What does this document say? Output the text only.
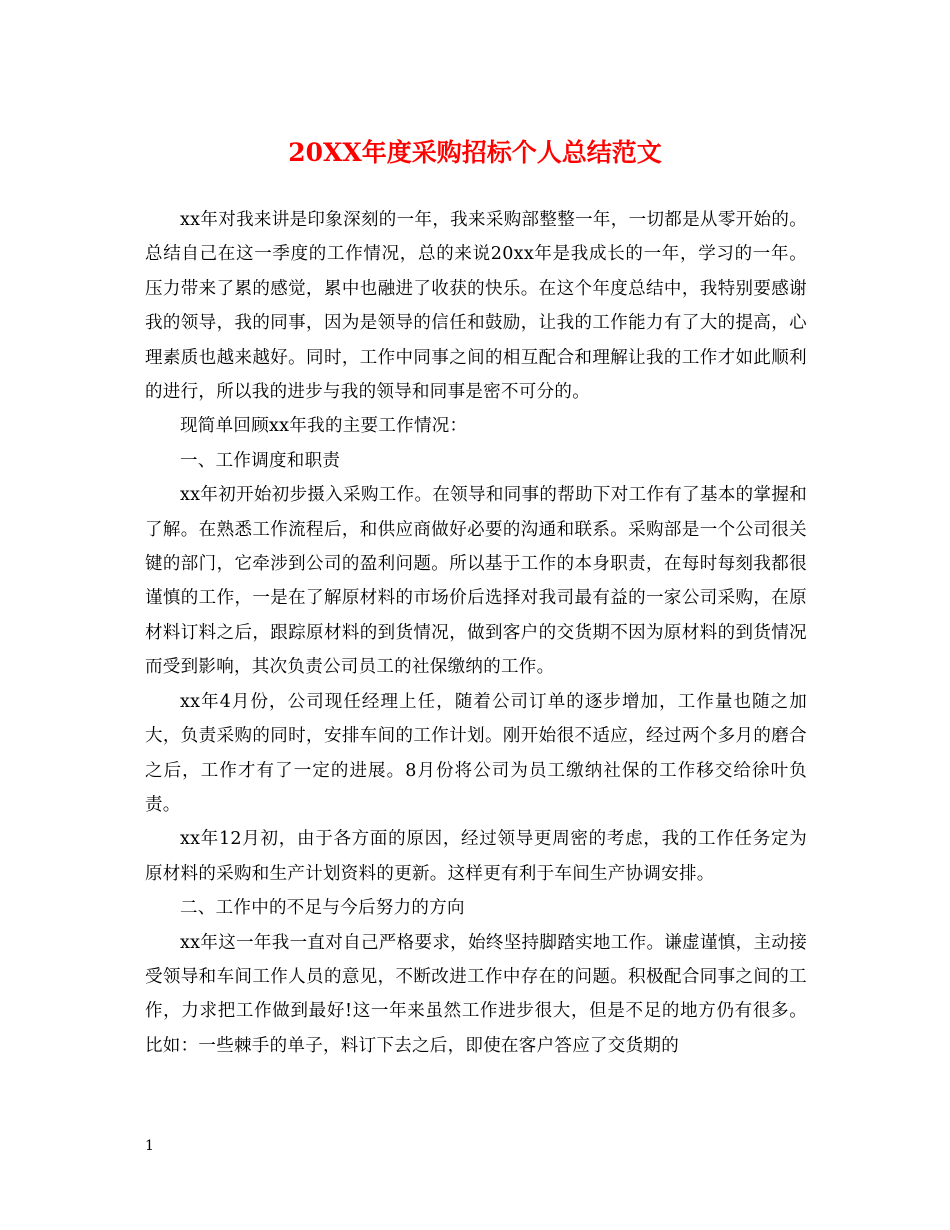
20XX年度采购招标个人总结范文

xx年对我来讲是印象深刻的一年，我来采购部整整一年，一切都是从零开始的。总结自己在这一季度的工作情况，总的来说20xx年是我成长的一年，学习的一年。压力带来了累的感觉，累中也融进了收获的快乐。在这个年度总结中，我特别要感谢我的领导，我的同事，因为是领导的信任和鼓励，让我的工作能力有了大的提高，心理素质也越来越好。同时，工作中同事之间的相互配合和理解让我的工作才如此顺利的进行，所以我的进步与我的领导和同事是密不可分的。

现简单回顾xx年我的主要工作情况：

一、工作调度和职责

xx年初开始初步摄入采购工作。在领导和同事的帮助下对工作有了基本的掌握和了解。在熟悉工作流程后，和供应商做好必要的沟通和联系。采购部是一个公司很关键的部门，它牵涉到公司的盈利问题。所以基于工作的本身职责，在每时每刻我都很谨慎的工作，一是在了解原材料的市场价后选择对我司最有益的一家公司采购，在原材料订料之后，跟踪原材料的到货情况，做到客户的交货期不因为原材料的到货情况而受到影响，其次负责公司员工的社保缴纳的工作。

xx年4月份，公司现任经理上任，随着公司订单的逐步增加，工作量也随之加大，负责采购的同时，安排车间的工作计划。刚开始很不适应，经过两个多月的磨合之后，工作才有了一定的进展。8月份将公司为员工缴纳社保的工作移交给徐叶负责。

xx年12月初，由于各方面的原因，经过领导更周密的考虑，我的工作任务定为原材料的采购和生产计划资料的更新。这样更有利于车间生产协调安排。

二、工作中的不足与今后努力的方向

xx年这一年我一直对自己严格要求，始终坚持脚踏实地工作。谦虚谨慎，主动接受领导和车间工作人员的意见，不断改进工作中存在的问题。积极配合同事之间的工作，力求把工作做到最好!这一年来虽然工作进步很大，但是不足的地方仍有很多。比如：一些棘手的单子，料订下去之后，即使在客户答应了交货期的

1
